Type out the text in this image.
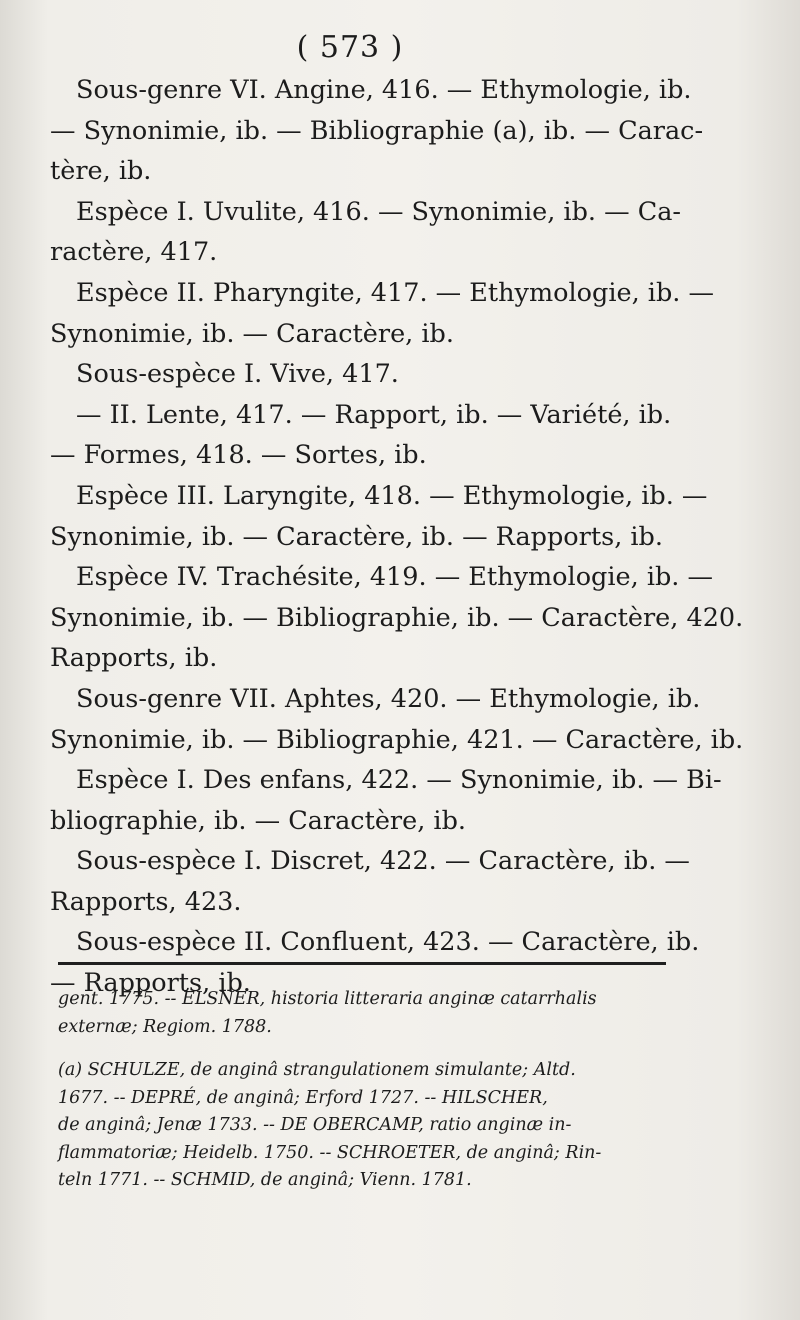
( 573 )
Sous-genre VI. Angine, 416. — Ethymologie, ib.
— Synonimie, ib. — Bibliographie (a), ib. — Carac-
tère, ib.
Espèce I. Uvulite, 416. — Synonimie, ib. — Ca-
ractère, 417.
Espèce II. Pharyngite, 417. — Ethymologie, ib. —
Synonimie, ib. — Caractère, ib.
Sous-espèce I. Vive, 417.
— II. Lente, 417. — Rapport, ib. — Variété, ib.
— Formes, 418. — Sortes, ib.
Espèce III. Laryngite, 418. — Ethymologie, ib. —
Synonimie, ib. — Caractère, ib. — Rapports, ib.
Espèce IV. Trachésite, 419. — Ethymologie, ib. —
Synonimie, ib. — Bibliographie, ib. — Caractère, 420.
Rapports, ib.
Sous-genre VII. Aphtes, 420. — Ethymologie, ib.
Synonimie, ib. — Bibliographie, 421. — Caractère, ib.
Espèce I. Des enfans, 422. — Synonimie, ib. — Bi-
bliographie, ib. — Caractère, ib.
Sous-espèce I. Discret, 422. — Caractère, ib. —
Rapports, 423.
Sous-espèce II. Confluent, 423. — Caractère, ib.
— Rapports, ib.
gent. 1775. -- ELSNER, historia litteraria anginæ catarrhalis
externæ; Regiom. 1788.
(a) SCHULZE, de anginâ strangulationem simulante; Altd.
1677. -- DEPRÉ, de anginâ; Erford 1727. -- HILSCHER,
de anginâ; Jenæ 1733. -- DE OBERCAMP, ratio anginæ in-
flammatoriæ; Heidelb. 1750. -- SCHROETER, de anginâ; Rin-
teln 1771. -- SCHMID, de anginâ; Vienn. 1781.
